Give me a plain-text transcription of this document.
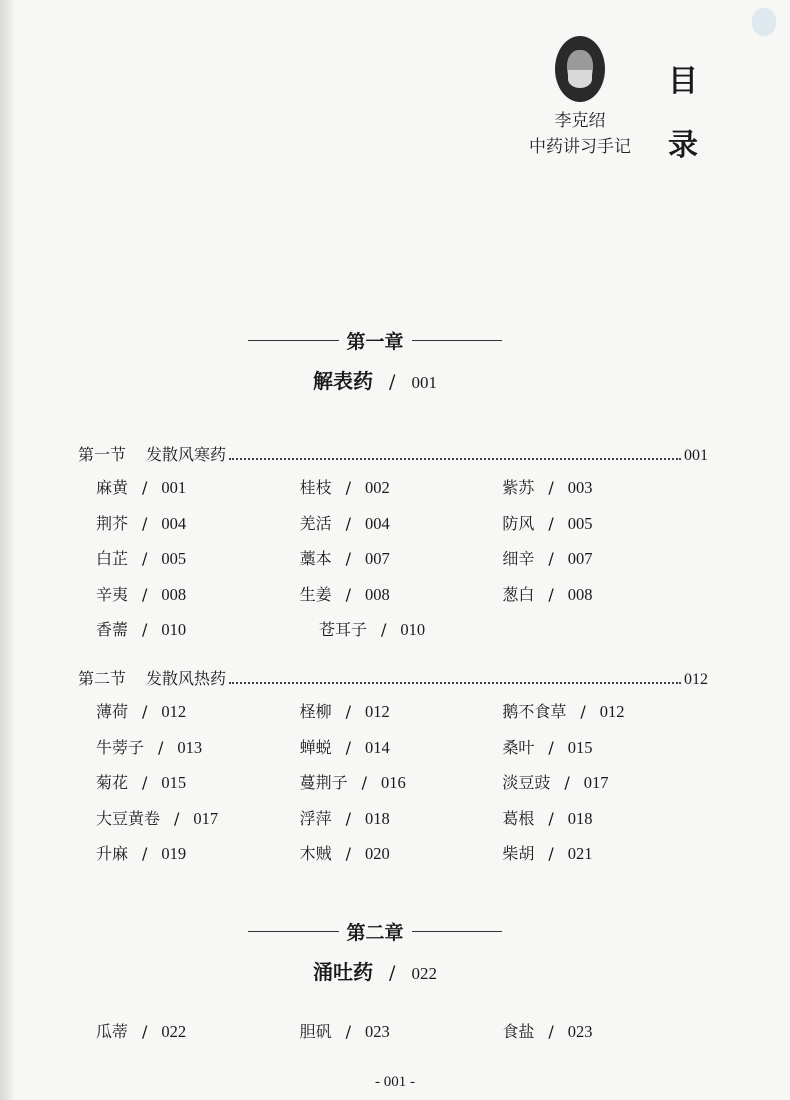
李克绍
中药讲习手记
目
录
第一章
解表药 / 001
第一节 发散风寒药	001
麻黄 / 001	桂枝 / 002	紫苏 / 003
荆芥 / 004	羌活 / 004	防风 / 005
白芷 / 005	藁本 / 007	细辛 / 007
辛夷 / 008	生姜 / 008	葱白 / 008
香薷 / 010	苍耳子 / 010
第二节 发散风热药	012
薄荷 / 012	柽柳 / 012	鹅不食草 / 012
牛蒡子 / 013	蝉蜕 / 014	桑叶 / 015
菊花 / 015	蔓荆子 / 016	淡豆豉 / 017
大豆黄卷 / 017	浮萍 / 018	葛根 / 018
升麻 / 019	木贼 / 020	柴胡 / 021
第二章
涌吐药 / 022
瓜蒂 / 022	胆矾 / 023	食盐 / 023
- 001 -
